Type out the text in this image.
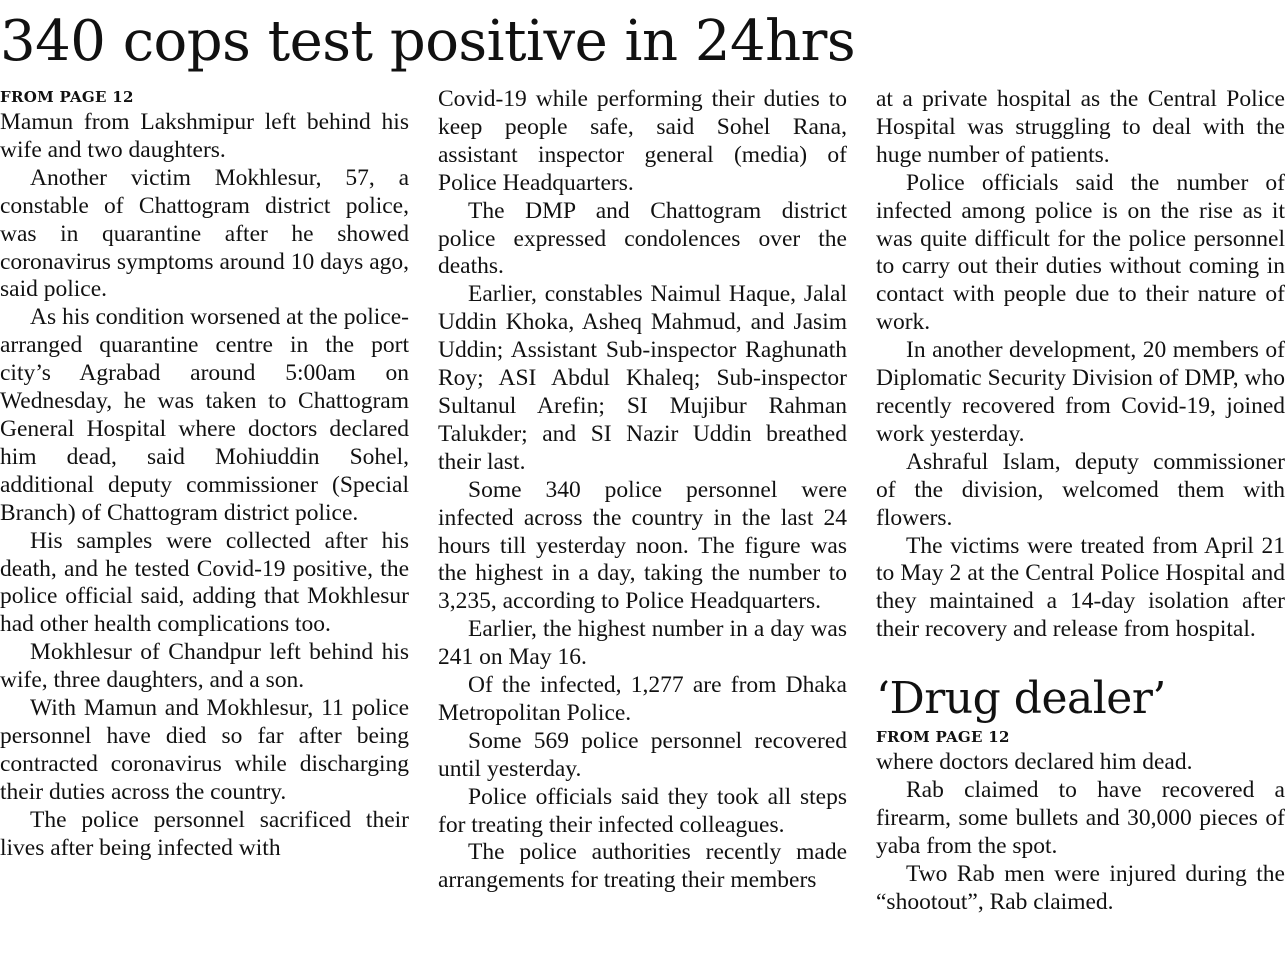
340 cops test positive in 24hrs
FROM PAGE 12

Mamun from Lakshmipur left behind his wife and two daughters.

Another victim Mokhlesur, 57, a constable of Chattogram district police, was in quarantine after he showed coronavirus symptoms around 10 days ago, said police.

As his condition worsened at the police-arranged quarantine centre in the port city’s Agrabad around 5:00am on Wednesday, he was taken to Chattogram General Hospital where doctors declared him dead, said Mohiuddin Sohel, additional deputy commissioner (Special Branch) of Chattogram district police.

His samples were collected after his death, and he tested Covid-19 positive, the police official said, adding that Mokhlesur had other health complications too.

Mokhlesur of Chandpur left behind his wife, three daughters, and a son.

With Mamun and Mokhlesur, 11 police personnel have died so far after being contracted coronavirus while discharging their duties across the country.

The police personnel sacrificed their lives after being infected with

Covid-19 while performing their duties to keep people safe, said Sohel Rana, assistant inspector general (media) of Police Headquarters.

The DMP and Chattogram district police expressed condolences over the deaths.

Earlier, constables Naimul Haque, Jalal Uddin Khoka, Asheq Mahmud, and Jasim Uddin; Assistant Sub-inspector Raghunath Roy; ASI Abdul Khaleq; Sub-inspector Sultanul Arefin; SI Mujibur Rahman Talukder; and SI Nazir Uddin breathed their last.

Some 340 police personnel were infected across the country in the last 24 hours till yesterday noon. The figure was the highest in a day, taking the number to 3,235, according to Police Headquarters.

Earlier, the highest number in a day was 241 on May 16.

Of the infected, 1,277 are from Dhaka Metropolitan Police.

Some 569 police personnel recovered until yesterday.

Police officials said they took all steps for treating their infected colleagues.

The police authorities recently made arrangements for treating their members

at a private hospital as the Central Police Hospital was struggling to deal with the huge number of patients.

Police officials said the number of infected among police is on the rise as it was quite difficult for the police personnel to carry out their duties without coming in contact with people due to their nature of work.

In another development, 20 members of Diplomatic Security Division of DMP, who recently recovered from Covid-19, joined work yesterday.

Ashraful Islam, deputy commissioner of the division, welcomed them with flowers.

The victims were treated from April 21 to May 2 at the Central Police Hospital and they maintained a 14-day isolation after their recovery and release from hospital.

‘Drug dealer’
FROM PAGE 12

where doctors declared him dead.

Rab claimed to have recovered a firearm, some bullets and 30,000 pieces of yaba from the spot.

Two Rab men were injured during the “shootout”, Rab claimed.
